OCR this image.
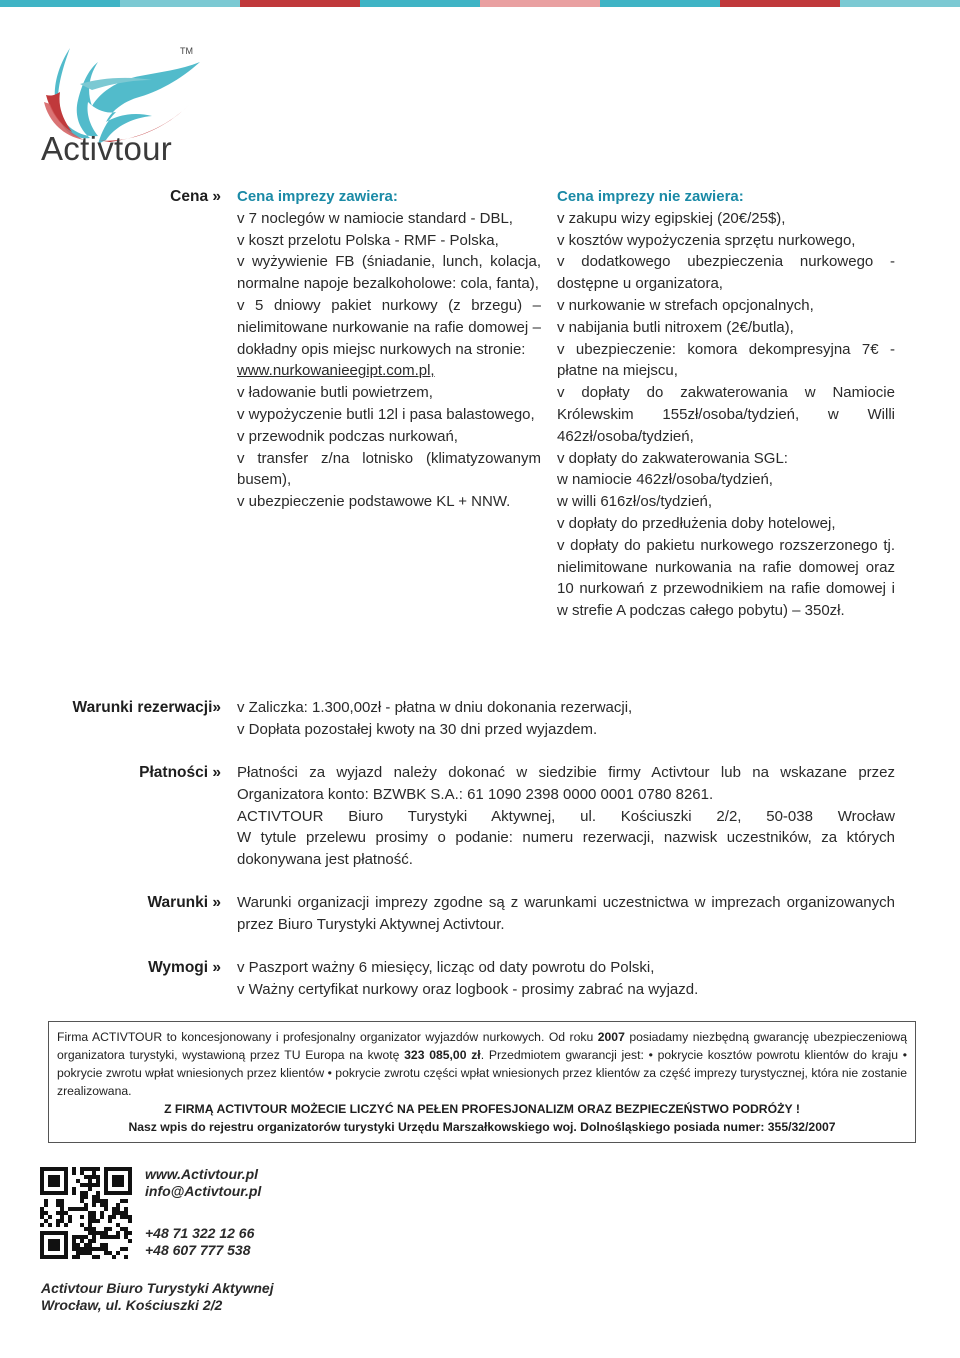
TM
Activtour
Cena » Cena imprezy zawiera:
v 7 noclegów w namiocie standard - DBL,
v koszt przelotu Polska - RMF - Polska,
v wyżywienie FB (śniadanie, lunch, kolacja, normalne napoje bezalkoholowe: cola, fanta),
v 5 dniowy pakiet nurkowy (z brzegu) – nielimitowane nurkowanie na rafie domowej – dokładny opis miejsc nurkowych na stronie:
www.nurkowanieegipt.com.pl,
v ładowanie butli powietrzem,
v wypożyczenie butli 12l i pasa balastowego,
v przewodnik podczas nurkowań,
v transfer z/na lotnisko (klimatyzowanym busem),
v ubezpieczenie podstawowe KL + NNW.
Cena imprezy nie zawiera:
v zakupu wizy egipskiej (20€/25$),
v kosztów wypożyczenia sprzętu nurkowego,
v dodatkowego ubezpieczenia nurkowego - dostępne u organizatora,
v nurkowanie w strefach opcjonalnych,
v nabijania butli nitroxem (2€/butla),
v ubezpieczenie: komora dekompresyjna 7€ - płatne na miejscu,
v dopłaty do zakwaterowania w Namiocie Królewskim 155zł/osoba/tydzień, w Willi 462zł/osoba/tydzień,
v dopłaty do zakwaterowania SGL:
w namiocie 462zł/osoba/tydzień,
w willi 616zł/os/tydzień,
v dopłaty do przedłużenia doby hotelowej,
v dopłaty do pakietu nurkowego rozszerzonego tj. nielimitowane nurkowania na rafie domowej oraz 10 nurkowań z przewodnikiem na rafie domowej i w strefie A podczas całego pobytu) – 350zł.
Warunki rezerwacji» v Zaliczka: 1.300,00zł - płatna w dniu dokonania rezerwacji,
v Dopłata pozostałej kwoty na 30 dni przed wyjazdem.
Płatności » Płatności za wyjazd należy dokonać w siedzibie firmy Activtour lub na wskazane przez Organizatora konto: BZWBK S.A.: 61 1090 2398 0000 0001 0780 8261.
ACTIVTOUR Biuro Turystyki Aktywnej, ul. Kościuszki 2/2, 50-038 Wrocław
W tytule przelewu prosimy o podanie: numeru rezerwacji, nazwisk uczestników, za których dokonywana jest płatność.
Warunki » Warunki organizacji imprezy zgodne są z warunkami uczestnictwa w imprezach organizowanych przez Biuro Turystyki Aktywnej Activtour.
Wymogi » v Paszport ważny 6 miesięcy, licząc od daty powrotu do Polski,
v Ważny certyfikat nurkowy oraz logbook - prosimy zabrać na wyjazd.
Firma ACTIVTOUR to koncesjonowany i profesjonalny organizator wyjazdów nurkowych. Od roku 2007 posiadamy niezbędną gwarancję ubezpieczeniową organizatora turystyki, wystawioną przez TU Europa na kwotę 323 085,00 zł. Przedmiotem gwarancji jest: • pokrycie kosztów powrotu klientów do kraju • pokrycie zwrotu wpłat wniesionych przez klientów • pokrycie zwrotu części wpłat wniesionych przez klientów za część imprezy turystycznej, która nie zostanie zrealizowana.
Z FIRMĄ ACTIVTOUR MOŻECIE LICZYĆ NA PEŁEN PROFESJONALIZM ORAZ BEZPIECZEŃSTWO PODRÓŻY !
Nasz wpis do rejestru organizatorów turystyki Urzędu Marszałkowskiego woj. Dolnośląskiego posiada numer: 355/32/2007
www.Activtour.pl
info@Activtour.pl
+48 71 322 12 66
+48 607 777 538
Activtour Biuro Turystyki Aktywnej
Wrocław, ul. Kościuszki 2/2
